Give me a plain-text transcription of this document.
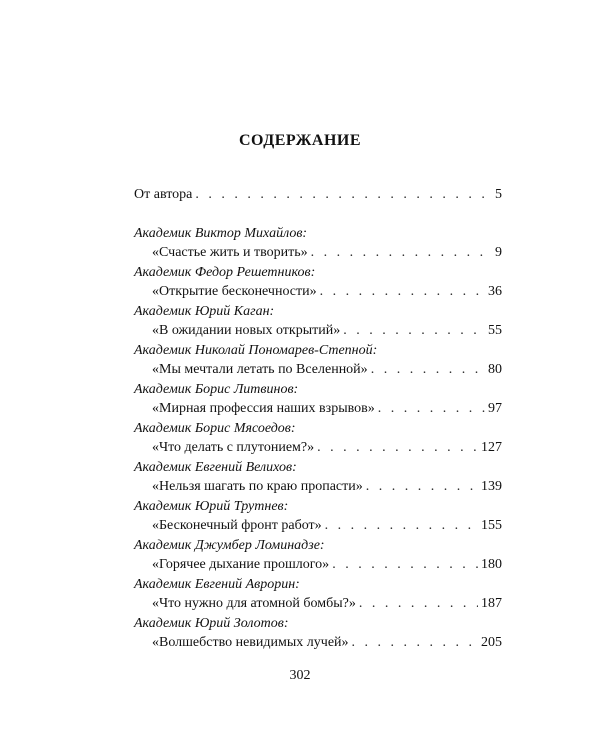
СОДЕРЖАНИЕ
От автора . . .	5
Академик Виктор Михайлов:
«Счастье жить и творить» . . .	9
Академик Федор Решетников:
«Открытие бесконечности» . . .	36
Академик Юрий Каган:
«В ожидании новых открытий» . . .	55
Академик Николай Пономарев-Степной:
«Мы мечтали летать по Вселенной» . . .	80
Академик Борис Литвинов:
«Мирная профессия наших взрывов» . . .	97
Академик Борис Мясоедов:
«Что делать с плутонием?» . . .	127
Академик Евгений Велихов:
«Нельзя шагать по краю пропасти» . . .	139
Академик Юрий Трутнев:
«Бесконечный фронт работ» . . .	155
Академик Джумбер Ломинадзе:
«Горячее дыхание прошлого» . . .	180
Академик Евгений Аврорин:
«Что нужно для атомной бомбы?» . . .	187
Академик Юрий Золотов:
«Волшебство невидимых лучей» . . .	205
302
